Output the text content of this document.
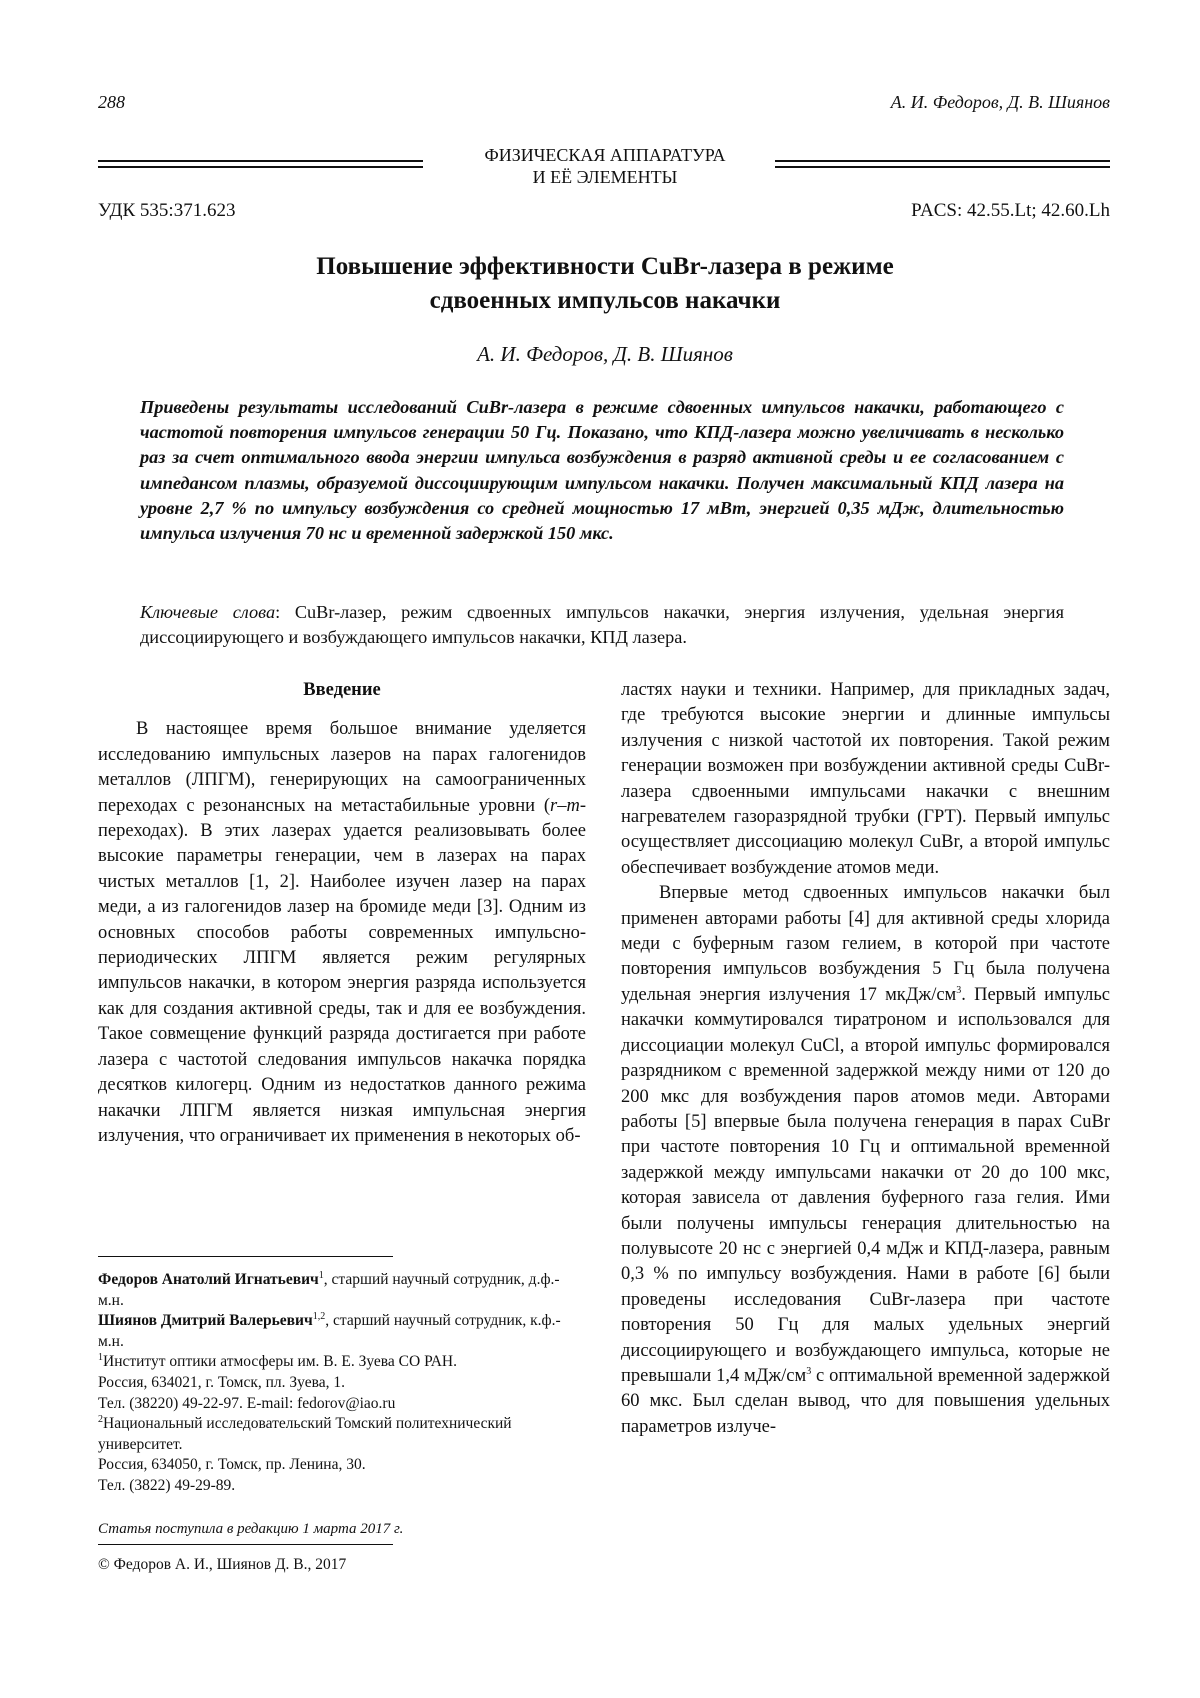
288	А. И. Федоров, Д. В. Шиянов
ФИЗИЧЕСКАЯ АППАРАТУРА
И ЕЁ ЭЛЕМЕНТЫ
УДК 535:371.623	PACS: 42.55.Lt; 42.60.Lh
Повышение эффективности CuBr-лазера в режиме
сдвоенных импульсов накачки
А. И. Федоров, Д. В. Шиянов
Приведены результаты исследований CuBr-лазера в режиме сдвоенных импульсов накачки, работающего с частотой повторения импульсов генерации 50 Гц. Показано, что КПД-лазера можно увеличивать в несколько раз за счет оптимального ввода энергии импульса возбуждения в разряд активной среды и ее согласованием с импедансом плазмы, образуемой диссоциирующим импульсом накачки. Получен максимальный КПД лазера на уровне 2,7 % по импульсу возбуждения со средней мощностью 17 мВт, энергией 0,35 мДж, длительностью импульса излучения 70 нс и временной задержкой 150 мкс.
Ключевые слова: CuBr-лазер, режим сдвоенных импульсов накачки, энергия излучения, удельная энергия диссоциирующего и возбуждающего импульсов накачки, КПД лазера.
Введение

В настоящее время большое внимание уделяется исследованию импульсных лазеров на парах галогенидов металлов (ЛПГМ), генерирующих на самоограниченных переходах с резонансных на метастабильные уровни (r–m-переходах). В этих лазерах удается реализовывать более высокие параметры генерации, чем в лазерах на парах чистых металлов [1, 2]. Наиболее изучен лазер на парах меди, а из галогенидов лазер на бромиде меди [3]. Одним из основных способов работы современных импульсно-периодических ЛПГМ является режим регулярных импульсов накачки, в котором энергия разряда используется как для создания активной среды, так и для ее возбуждения. Такое совмещение функций разряда достигается при работе лазера с частотой следования импульсов накачка порядка десятков килогерц. Одним из недостатков данного режима накачки ЛПГМ является низкая импульсная энергия излучения, что ограничивает их применения в некоторых об-

ластях науки и техники. Например, для прикладных задач, где требуются высокие энергии и длинные импульсы излучения с низкой частотой их повторения. Такой режим генерации возможен при возбуждении активной среды CuBr-лазера сдвоенными импульсами накачки с внешним нагревателем газоразрядной трубки (ГРТ). Первый импульс осуществляет диссоциацию молекул CuBr, а второй импульс обеспечивает возбуждение атомов меди.

Впервые метод сдвоенных импульсов накачки был применен авторами работы [4] для активной среды хлорида меди с буферным газом гелием, в которой при частоте повторения импульсов возбуждения 5 Гц была получена удельная энергия излучения 17 мкДж/$см^3$. Первый импульс накачки коммутировался тиратроном и использовался для диссоциации молекул CuCl, а второй импульс формировался разрядником с временной задержкой между ними от 120 до 200 мкс для возбуждения паров атомов меди. Авторами работы [5] впервые была получена генерация в парах CuBr при частоте повторения 10 Гц и оптимальной временной задержкой между импульсами накачки от 20 до 100 мкс, которая зависела от давления буферного газа гелия. Ими были получены импульсы генерация длительностью на полувысоте 20 нс с энергией 0,4 мДж и КПД-лазера, равным 0,3 % по импульсу возбуждения. Нами в работе [6] были проведены исследования CuBr-лазера при частоте повторения 50 Гц для малых удельных энергий диссоциирующего и возбуждающего импульса, которые не превышали 1,4 мДж/$см^3$ с оптимальной временной задержкой 60 мкс. Был сделан вывод, что для повышения удельных параметров излуче-

Федоров Анатолий Игнатьевич$^1$, старший научный сотрудник, д.ф.-м.н.

Шиянов Дмитрий Валерьевич$^{1,2}$, старший научный сотрудник, к.ф.-м.н.

$^1$Институт оптики атмосферы им. В. Е. Зуева СО РАН.

Россия, 634021, г. Томск, пл. Зуева, 1.

Тел. (38220) 49-22-97. E-mail: fedorov@iao.ru

$^2$Национальный исследовательский Томский политехнический университет.

Россия, 634050, г. Томск, пр. Ленина, 30.

Тел. (3822) 49-29-89.

Статья поступила в редакцию 1 марта 2017 г.
© Федоров А. И., Шиянов Д. В., 2017
